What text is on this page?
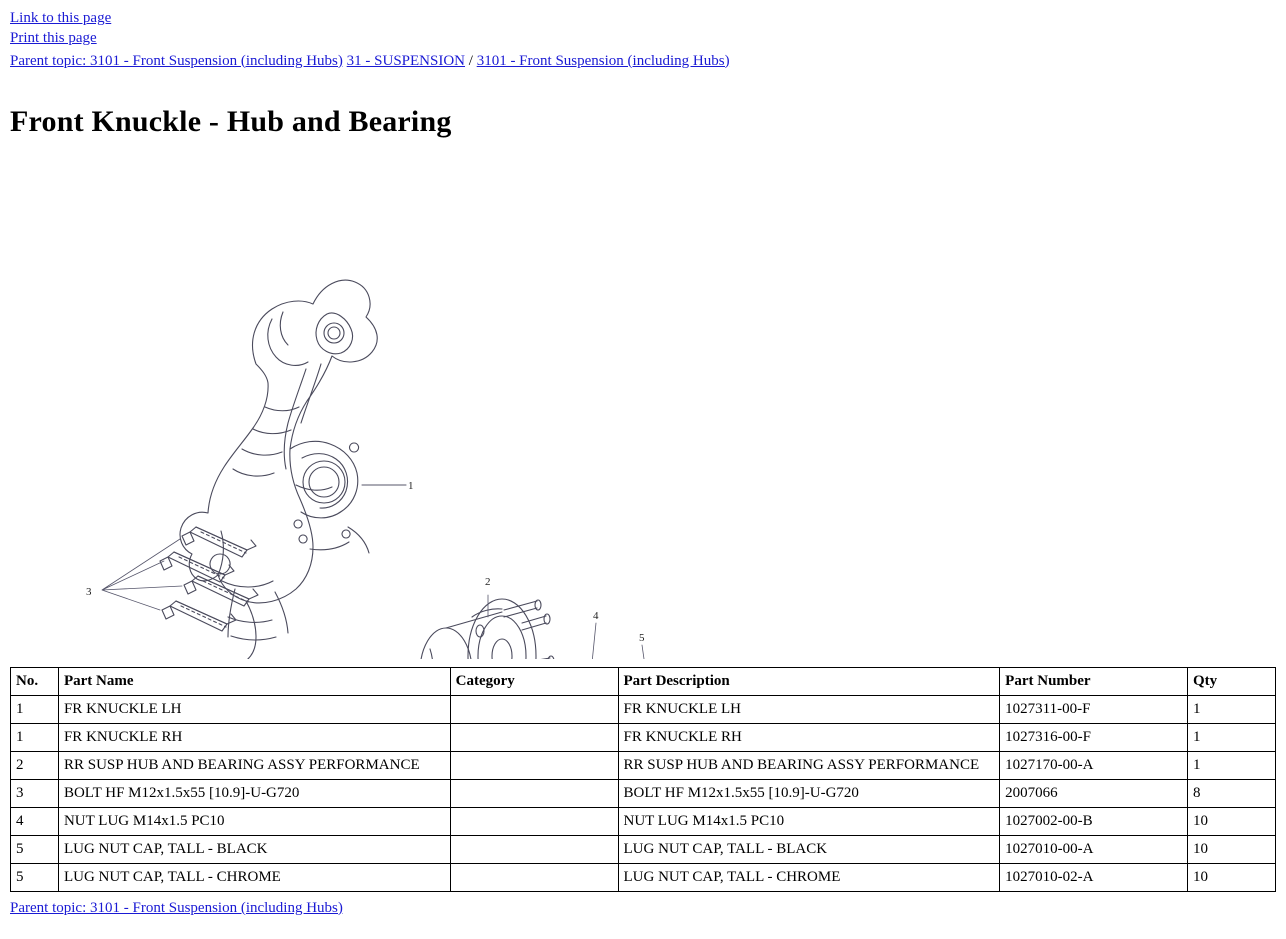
Link to this page
Print this page
Parent topic: 3101 - Front Suspension (including Hubs) 31 - SUSPENSION / 3101 - Front Suspension (including Hubs)
Front Knuckle - Hub and Bearing
1
2
3
4
5
No.	Part Name	Category	Part Description	Part Number	Qty
1	FR KNUCKLE LH		FR KNUCKLE LH	1027311-00-F	1
1	FR KNUCKLE RH		FR KNUCKLE RH	1027316-00-F	1
2	RR SUSP HUB AND BEARING ASSY PERFORMANCE		RR SUSP HUB AND BEARING ASSY PERFORMANCE	1027170-00-A	1
3	BOLT HF M12x1.5x55 [10.9]-U-G720		BOLT HF M12x1.5x55 [10.9]-U-G720	2007066	8
4	NUT LUG M14x1.5 PC10		NUT LUG M14x1.5 PC10	1027002-00-B	10
5	LUG NUT CAP, TALL - BLACK		LUG NUT CAP, TALL - BLACK	1027010-00-A	10
5	LUG NUT CAP, TALL - CHROME		LUG NUT CAP, TALL - CHROME	1027010-02-A	10
Parent topic: 3101 - Front Suspension (including Hubs)
